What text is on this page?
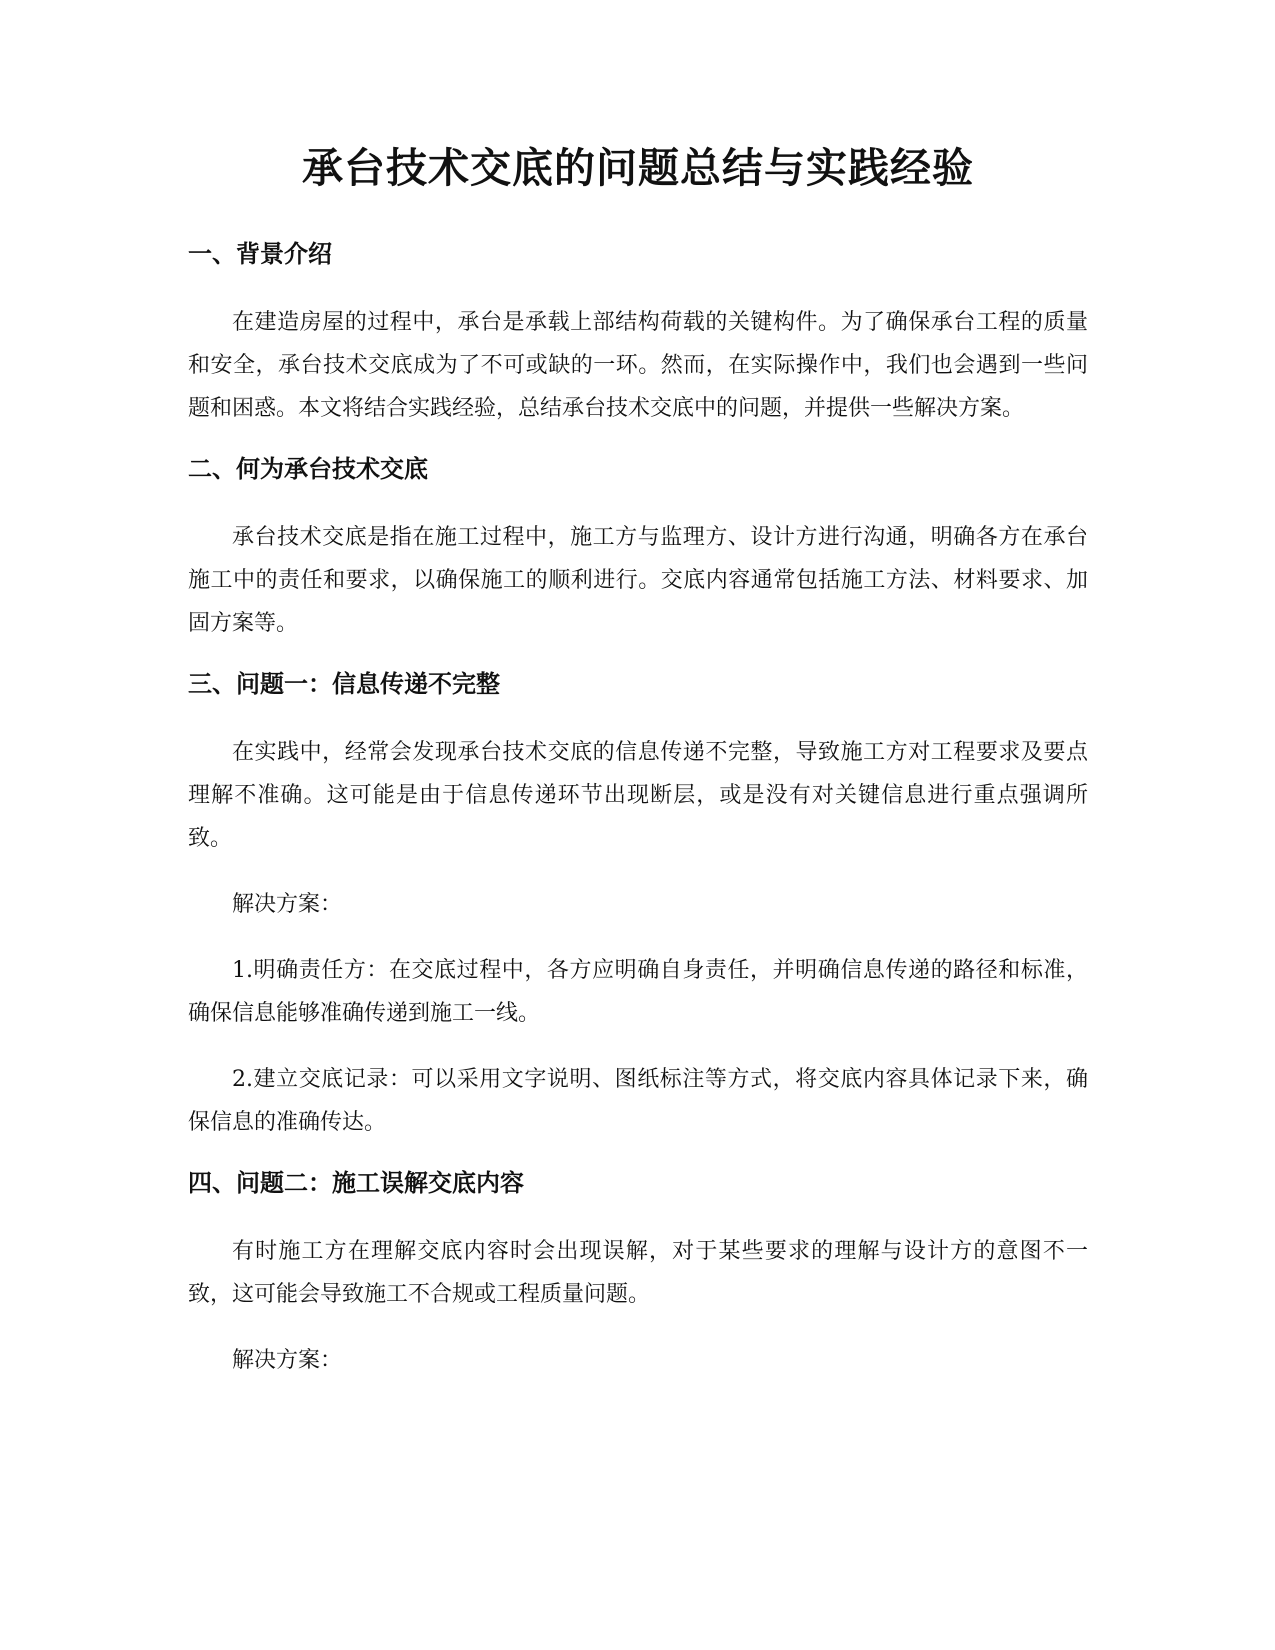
承台技术交底的问题总结与实践经验
一、背景介绍

在建造房屋的过程中，承台是承载上部结构荷载的关键构件。为了确保承台工程的质量和安全，承台技术交底成为了不可或缺的一环。然而，在实际操作中，我们也会遇到一些问题和困惑。本文将结合实践经验，总结承台技术交底中的问题，并提供一些解决方案。

二、何为承台技术交底

承台技术交底是指在施工过程中，施工方与监理方、设计方进行沟通，明确各方在承台施工中的责任和要求，以确保施工的顺利进行。交底内容通常包括施工方法、材料要求、加固方案等。

三、问题一：信息传递不完整

在实践中，经常会发现承台技术交底的信息传递不完整，导致施工方对工程要求及要点理解不准确。这可能是由于信息传递环节出现断层，或是没有对关键信息进行重点强调所致。

解决方案：

1.明确责任方：在交底过程中，各方应明确自身责任，并明确信息传递的路径和标准，确保信息能够准确传递到施工一线。

2.建立交底记录：可以采用文字说明、图纸标注等方式，将交底内容具体记录下来，确保信息的准确传达。

四、问题二：施工误解交底内容

有时施工方在理解交底内容时会出现误解，对于某些要求的理解与设计方的意图不一致，这可能会导致施工不合规或工程质量问题。

解决方案：
